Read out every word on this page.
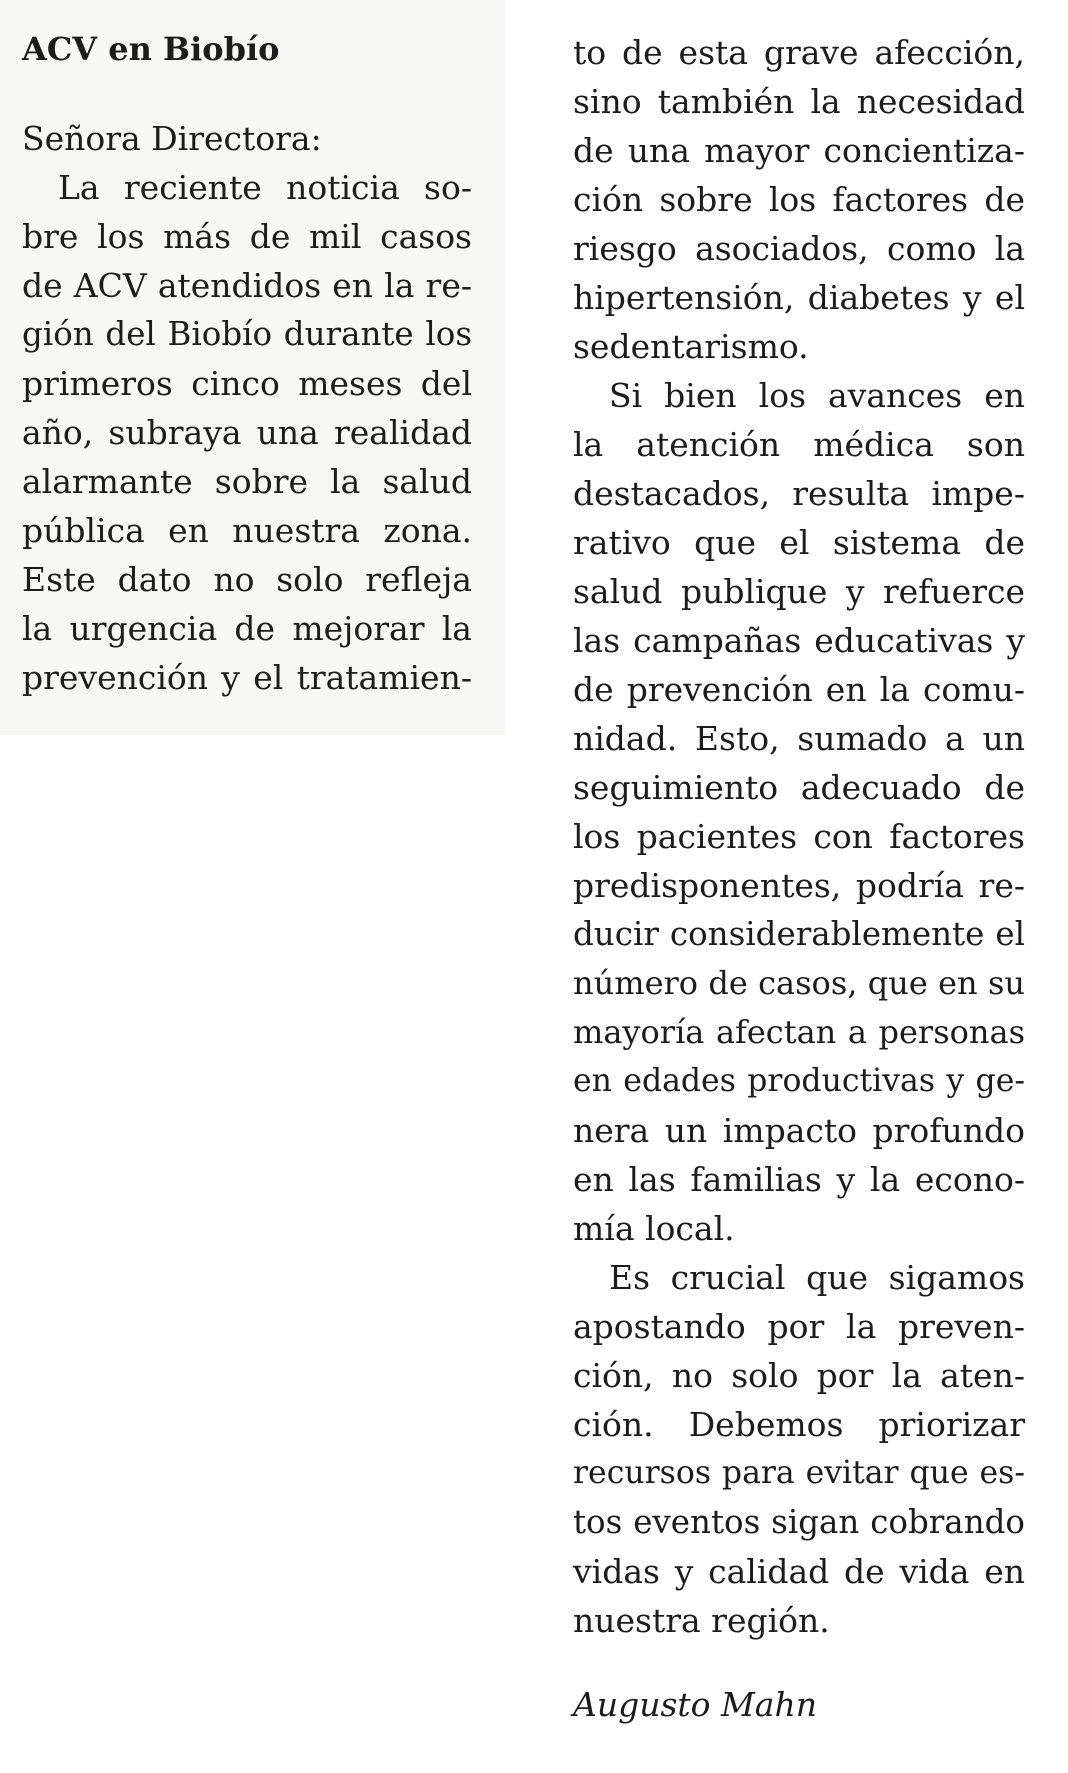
ACV en Biobío
Señora Directora:
La reciente noticia so-
bre los más de mil casos
de ACV atendidos en la re-
gión del Biobío durante los
primeros cinco meses del
año, subraya una realidad
alarmante sobre la salud
pública en nuestra zona.
Este dato no solo refleja
la urgencia de mejorar la
prevención y el tratamien-
to de esta grave afección,
sino también la necesidad
de una mayor concientiza-
ción sobre los factores de
riesgo asociados, como la
hipertensión, diabetes y el
sedentarismo.
Si bien los avances en
la atención médica son
destacados, resulta impe-
rativo que el sistema de
salud publique y refuerce
las campañas educativas y
de prevención en la comu-
nidad. Esto, sumado a un
seguimiento adecuado de
los pacientes con factores
predisponentes, podría re-
ducir considerablemente el
número de casos, que en su
mayoría afectan a personas
en edades productivas y ge-
nera un impacto profundo
en las familias y la econo-
mía local.
Es crucial que sigamos
apostando por la preven-
ción, no solo por la aten-
ción. Debemos priorizar
recursos para evitar que es-
tos eventos sigan cobrando
vidas y calidad de vida en
nuestra región.
Augusto Mahn
